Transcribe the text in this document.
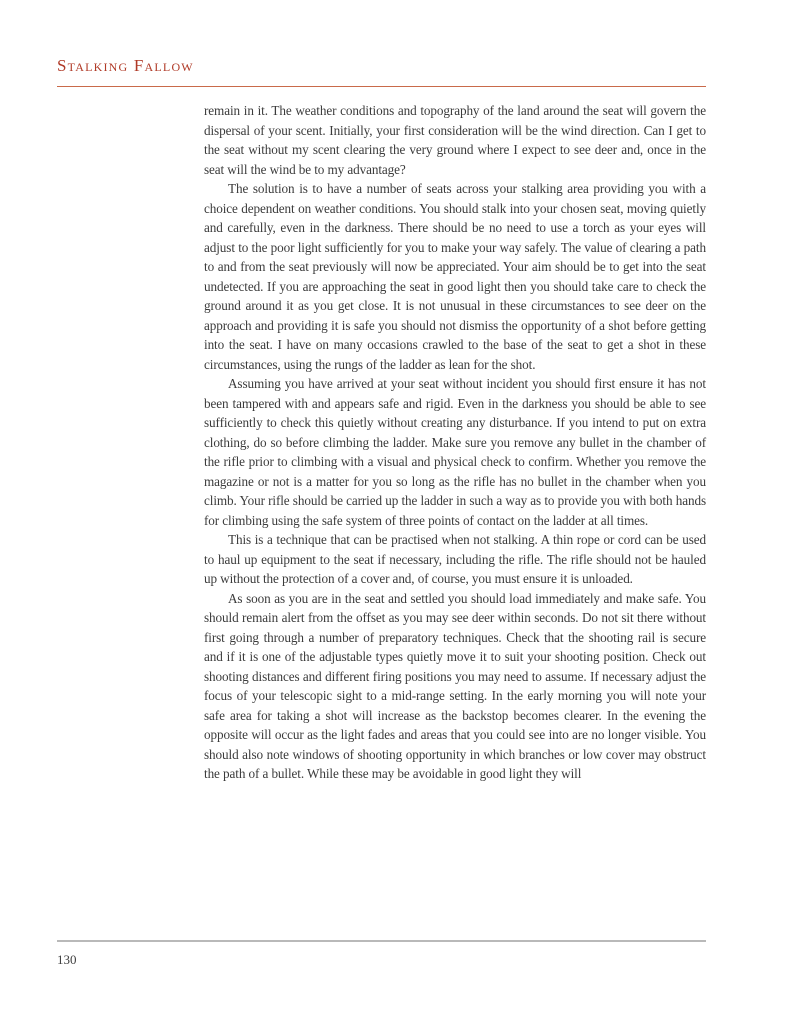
Stalking Fallow

remain in it. The weather conditions and topography of the land around the seat will govern the dispersal of your scent. Initially, your first consideration will be the wind direction. Can I get to the seat without my scent clearing the very ground where I expect to see deer and, once in the seat will the wind be to my advantage?

The solution is to have a number of seats across your stalking area providing you with a choice dependent on weather conditions. You should stalk into your chosen seat, moving quietly and carefully, even in the darkness. There should be no need to use a torch as your eyes will adjust to the poor light sufficiently for you to make your way safely. The value of clearing a path to and from the seat previously will now be appreciated. Your aim should be to get into the seat undetected. If you are approaching the seat in good light then you should take care to check the ground around it as you get close. It is not unusual in these circumstances to see deer on the approach and providing it is safe you should not dismiss the opportunity of a shot before getting into the seat. I have on many occasions crawled to the base of the seat to get a shot in these circumstances, using the rungs of the ladder as lean for the shot.

Assuming you have arrived at your seat without incident you should first ensure it has not been tampered with and appears safe and rigid. Even in the darkness you should be able to see sufficiently to check this quietly without creating any disturbance. If you intend to put on extra clothing, do so before climbing the ladder. Make sure you remove any bullet in the chamber of the rifle prior to climbing with a visual and physical check to confirm. Whether you remove the magazine or not is a matter for you so long as the rifle has no bullet in the chamber when you climb. Your rifle should be carried up the ladder in such a way as to provide you with both hands for climbing using the safe system of three points of contact on the ladder at all times.

This is a technique that can be practised when not stalking. A thin rope or cord can be used to haul up equipment to the seat if necessary, including the rifle. The rifle should not be hauled up without the protection of a cover and, of course, you must ensure it is unloaded.

As soon as you are in the seat and settled you should load immediately and make safe. You should remain alert from the offset as you may see deer within seconds. Do not sit there without first going through a number of preparatory techniques. Check that the shooting rail is secure and if it is one of the adjustable types quietly move it to suit your shooting position. Check out shooting distances and different firing positions you may need to assume. If necessary adjust the focus of your telescopic sight to a mid-range setting. In the early morning you will note your safe area for taking a shot will increase as the backstop becomes clearer. In the evening the opposite will occur as the light fades and areas that you could see into are no longer visible. You should also note windows of shooting opportunity in which branches or low cover may obstruct the path of a bullet. While these may be avoidable in good light they will

130
